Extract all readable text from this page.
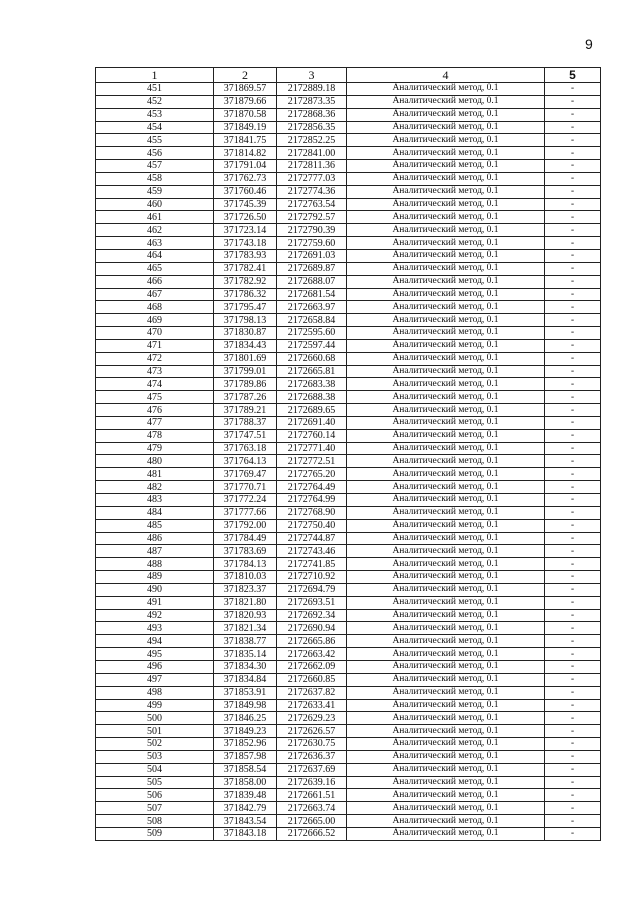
9
1	2	3	4	5
451	371869.57	2172889.18	Аналитический метод, 0.1	-
452	371879.66	2172873.35	Аналитический метод, 0.1	-
453	371870.58	2172868.36	Аналитический метод, 0.1	-
454	371849.19	2172856.35	Аналитический метод, 0.1	-
455	371841.75	2172852.25	Аналитический метод, 0.1	-
456	371814.82	2172841.00	Аналитический метод, 0.1	-
457	371791.04	2172811.36	Аналитический метод, 0.1	-
458	371762.73	2172777.03	Аналитический метод, 0.1	-
459	371760.46	2172774.36	Аналитический метод, 0.1	-
460	371745.39	2172763.54	Аналитический метод, 0.1	-
461	371726.50	2172792.57	Аналитический метод, 0.1	-
462	371723.14	2172790.39	Аналитический метод, 0.1	-
463	371743.18	2172759.60	Аналитический метод, 0.1	-
464	371783.93	2172691.03	Аналитический метод, 0.1	-
465	371782.41	2172689.87	Аналитический метод, 0.1	-
466	371782.92	2172688.07	Аналитический метод, 0.1	-
467	371786.32	2172681.54	Аналитический метод, 0.1	-
468	371795.47	2172663.97	Аналитический метод, 0.1	-
469	371798.13	2172658.84	Аналитический метод, 0.1	-
470	371830.87	2172595.60	Аналитический метод, 0.1	-
471	371834.43	2172597.44	Аналитический метод, 0.1	-
472	371801.69	2172660.68	Аналитический метод, 0.1	-
473	371799.01	2172665.81	Аналитический метод, 0.1	-
474	371789.86	2172683.38	Аналитический метод, 0.1	-
475	371787.26	2172688.38	Аналитический метод, 0.1	-
476	371789.21	2172689.65	Аналитический метод, 0.1	-
477	371788.37	2172691.40	Аналитический метод, 0.1	-
478	371747.51	2172760.14	Аналитический метод, 0.1	-
479	371763.18	2172771.40	Аналитический метод, 0.1	-
480	371764.13	2172772.51	Аналитический метод, 0.1	-
481	371769.47	2172765.20	Аналитический метод, 0.1	-
482	371770.71	2172764.49	Аналитический метод, 0.1	-
483	371772.24	2172764.99	Аналитический метод, 0.1	-
484	371777.66	2172768.90	Аналитический метод, 0.1	-
485	371792.00	2172750.40	Аналитический метод, 0.1	-
486	371784.49	2172744.87	Аналитический метод, 0.1	-
487	371783.69	2172743.46	Аналитический метод, 0.1	-
488	371784.13	2172741.85	Аналитический метод, 0.1	-
489	371810.03	2172710.92	Аналитический метод, 0.1	-
490	371823.37	2172694.79	Аналитический метод, 0.1	-
491	371821.80	2172693.51	Аналитический метод, 0.1	-
492	371820.93	2172692.34	Аналитический метод, 0.1	-
493	371821.34	2172690.94	Аналитический метод, 0.1	-
494	371838.77	2172665.86	Аналитический метод, 0.1	-
495	371835.14	2172663.42	Аналитический метод, 0.1	-
496	371834.30	2172662.09	Аналитический метод, 0.1	-
497	371834.84	2172660.85	Аналитический метод, 0.1	-
498	371853.91	2172637.82	Аналитический метод, 0.1	-
499	371849.98	2172633.41	Аналитический метод, 0.1	-
500	371846.25	2172629.23	Аналитический метод, 0.1	-
501	371849.23	2172626.57	Аналитический метод, 0.1	-
502	371852.96	2172630.75	Аналитический метод, 0.1	-
503	371857.98	2172636.37	Аналитический метод, 0.1	-
504	371858.54	2172637.69	Аналитический метод, 0.1	-
505	371858.00	2172639.16	Аналитический метод, 0.1	-
506	371839.48	2172661.51	Аналитический метод, 0.1	-
507	371842.79	2172663.74	Аналитический метод, 0.1	-
508	371843.54	2172665.00	Аналитический метод, 0.1	-
509	371843.18	2172666.52	Аналитический метод, 0.1	-
